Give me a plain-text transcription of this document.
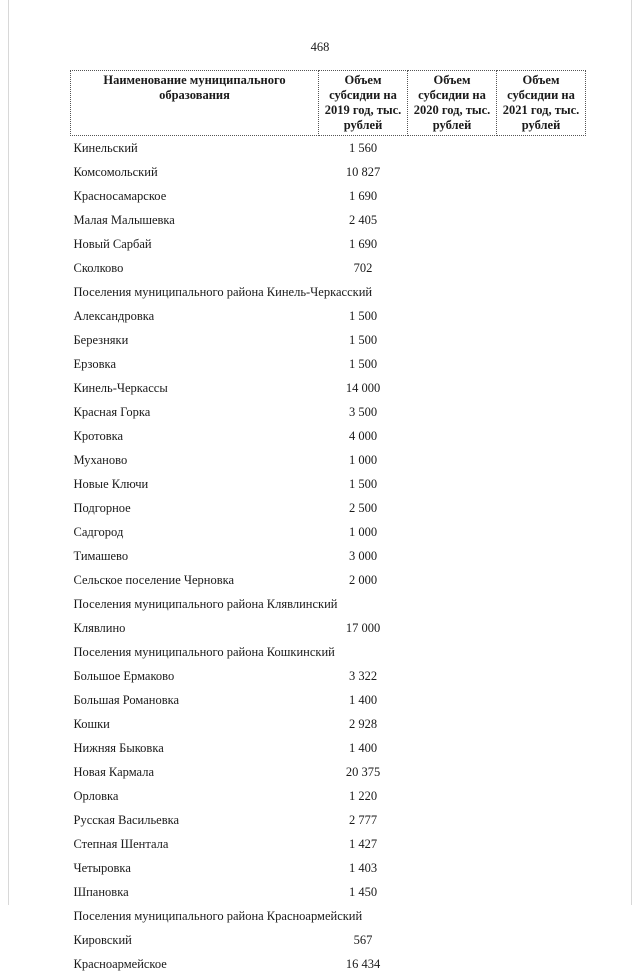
468
Наименование муниципального образования	Объем субсидии на 2019 год, тыс. рублей	Объем субсидии на 2020 год, тыс. рублей	Объем субсидии на 2021 год, тыс. рублей
Кинельский	1 560		
Комсомольский	10 827		
Красносамарское	1 690		
Малая Малышевка	2 405		
Новый Сарбай	1 690		
Сколково	702		
Поселения муниципального района Кинель-Черкасский			
Александровка	1 500		
Березняки	1 500		
Ерзовка	1 500		
Кинель-Черкассы	14 000		
Красная Горка	3 500		
Кротовка	4 000		
Муханово	1 000		
Новые Ключи	1 500		
Подгорное	2 500		
Садгород	1 000		
Тимашево	3 000		
Сельское поселение Черновка	2 000		
Поселения муниципального района Клявлинский			
Клявлино	17 000		
Поселения муниципального района Кошкинский			
Большое Ермаково	3 322		
Большая Романовка	1 400		
Кошки	2 928		
Нижняя Быковка	1 400		
Новая Кармала	20 375		
Орловка	1 220		
Русская Васильевка	2 777		
Степная Шентала	1 427		
Четыровка	1 403		
Шпановка	1 450		
Поселения муниципального района Красноармейский			
Кировский	567		
Красноармейское	16 434		
